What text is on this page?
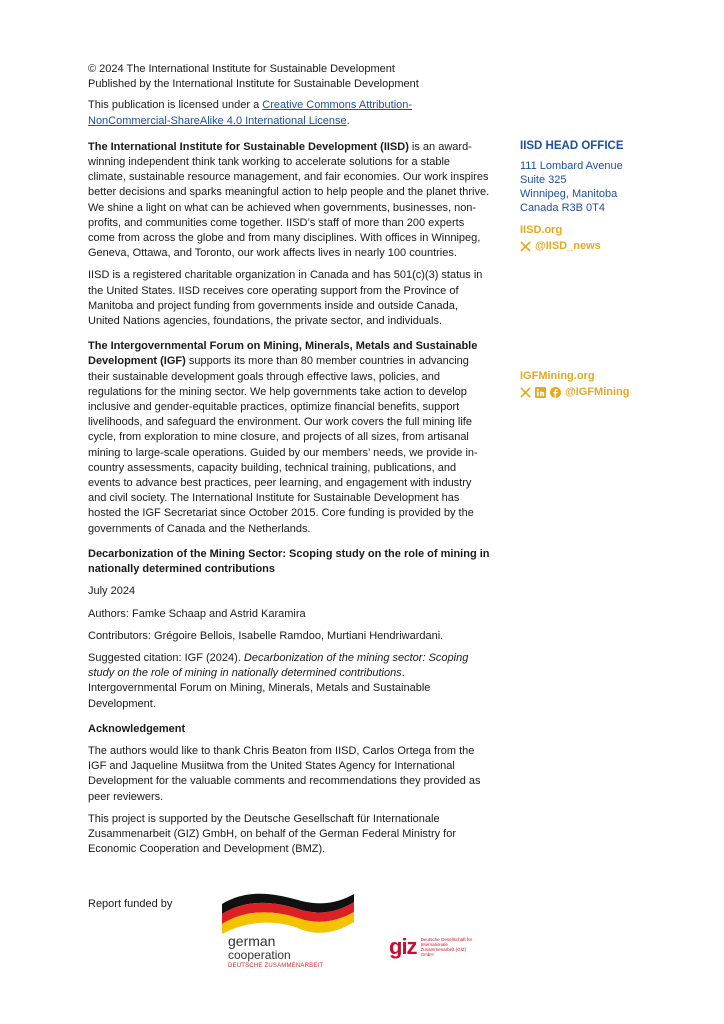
© 2024 The International Institute for Sustainable Development
Published by the International Institute for Sustainable Development

This publication is licensed under a Creative Commons Attribution-NonCommercial-ShareAlike 4.0 International License.

The International Institute for Sustainable Development (IISD) is an award-winning independent think tank working to accelerate solutions for a stable climate, sustainable resource management, and fair economies. Our work inspires better decisions and sparks meaningful action to help people and the planet thrive. We shine a light on what can be achieved when governments, businesses, non-profits, and communities come together. IISD’s staff of more than 200 experts come from across the globe and from many disciplines. With offices in Winnipeg, Geneva, Ottawa, and Toronto, our work affects lives in nearly 100 countries.

IISD is a registered charitable organization in Canada and has 501(c)(3) status in the United States. IISD receives core operating support from the Province of Manitoba and project funding from governments inside and outside Canada, United Nations agencies, foundations, the private sector, and individuals.

The Intergovernmental Forum on Mining, Minerals, Metals and Sustainable Development (IGF) supports its more than 80 member countries in advancing their sustainable development goals through effective laws, policies, and regulations for the mining sector. We help governments take action to develop inclusive and gender-equitable practices, optimize financial benefits, support livelihoods, and safeguard the environment. Our work covers the full mining life cycle, from exploration to mine closure, and projects of all sizes, from artisanal mining to large-scale operations. Guided by our members’ needs, we provide in-country assessments, capacity building, technical training, publications, and events to advance best practices, peer learning, and engagement with industry and civil society. The International Institute for Sustainable Development has hosted the IGF Secretariat since October 2015. Core funding is provided by the governments of Canada and the Netherlands.

Decarbonization of the Mining Sector: Scoping study on the role of mining in nationally determined contributions

July 2024

Authors: Famke Schaap and Astrid Karamira

Contributors: Grégoire Bellois, Isabelle Ramdoo, Murtiani Hendriwardani.

Suggested citation: IGF (2024). Decarbonization of the mining sector: Scoping study on the role of mining in nationally determined contributions. Intergovernmental Forum on Mining, Minerals, Metals and Sustainable Development.

Acknowledgement

The authors would like to thank Chris Beaton from IISD, Carlos Ortega from the IGF and Jaqueline Musiitwa from the United States Agency for International Development for the valuable comments and recommendations they provided as peer reviewers.

This project is supported by the Deutsche Gesellschaft für Internationale Zusammenarbeit (GIZ) GmbH, on behalf of the German Federal Ministry for Economic Cooperation and Development (BMZ).

IISD HEAD OFFICE
111 Lombard Avenue
Suite 325
Winnipeg, Manitoba
Canada R3B 0T4
IISD.org
@IISD_news
IGFMining.org
@IGFMining
Report funded by
german
cooperation
DEUTSCHE ZUSAMMENARBEIT
giz Deutsche Gesellschaft für Internationale Zusammenarbeit (GIZ) GmbH
